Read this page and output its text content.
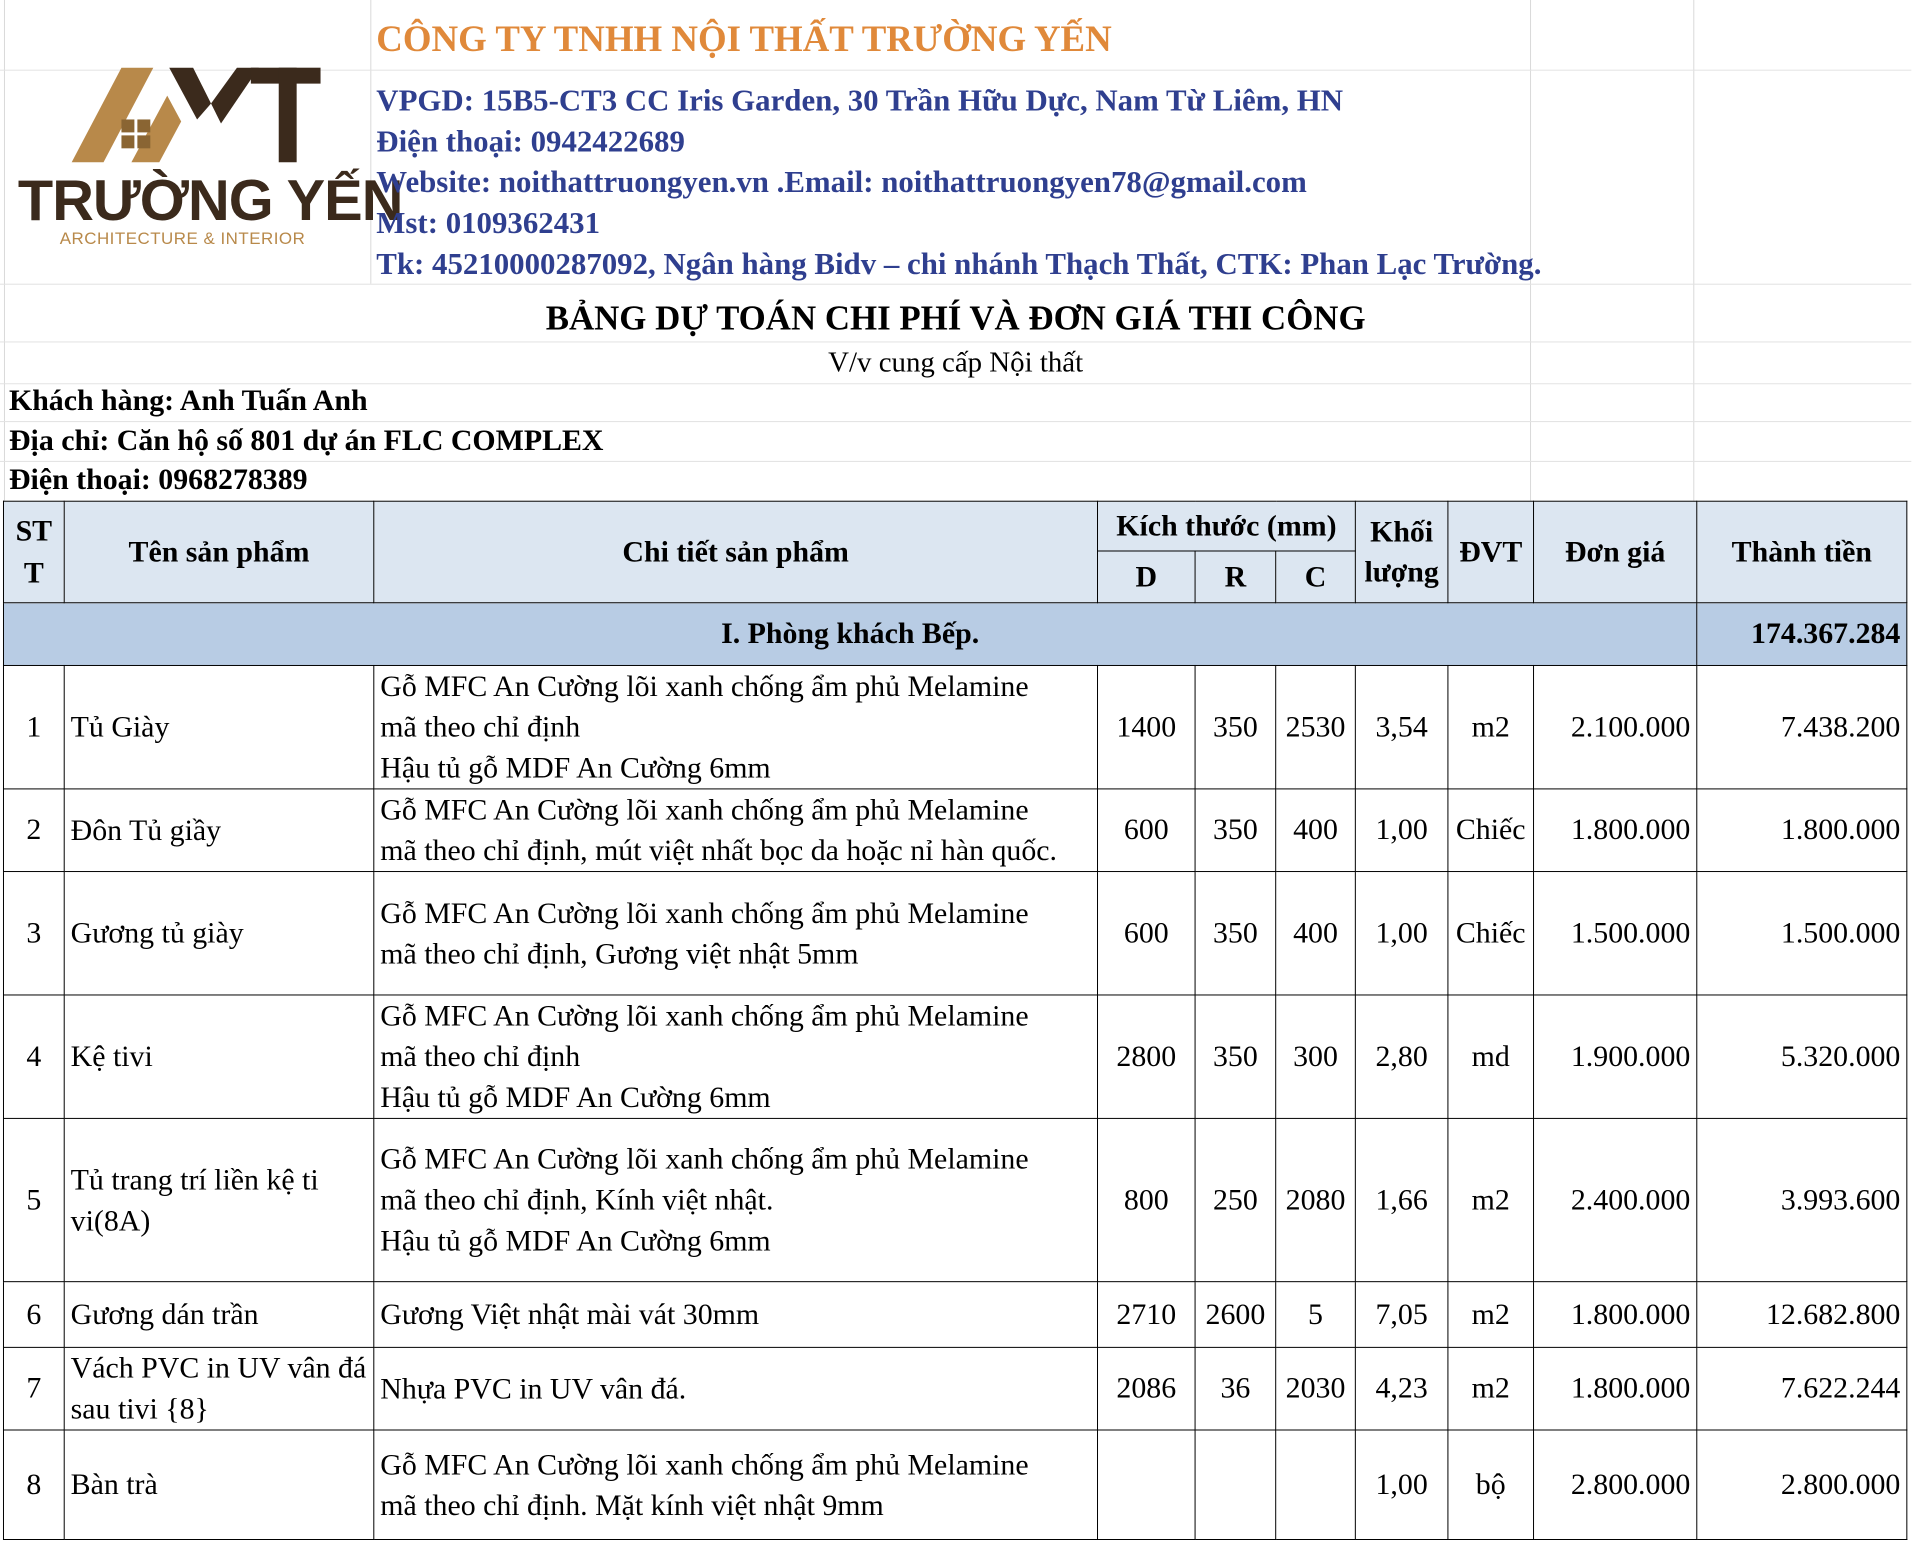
TRƯỜNG YẾN
ARCHITECTURE & INTERIOR
CÔNG TY TNHH NỘI THẤT TRƯỜNG YẾN
VPGD: 15B5-CT3 CC Iris Garden, 30 Trần Hữu Dực, Nam Từ Liêm, HN
Điện thoại: 0942422689
Website: noithattruongyen.vn .Email: noithattruongyen78@gmail.com
Mst: 0109362431
Tk: 45210000287092, Ngân hàng Bidv – chi nhánh Thạch Thất, CTK: Phan Lạc Trường.
BẢNG DỰ TOÁN CHI PHÍ VÀ ĐƠN GIÁ THI CÔNG
V/v cung cấp Nội thất
Khách hàng: Anh Tuấn Anh
Địa chỉ: Căn hộ số 801 dự án FLC COMPLEX
Điện thoại: 0968278389
ST
T	Tên sản phẩm	Chi tiết sản phẩm	Kích thước (mm)			Khối lượng	ĐVT	Đơn giá	Thành tiền
			D	R	C				
I. Phòng khách Bếp.									174.367.284
1	Tủ Giày	Gỗ MFC An Cường lõi xanh chống ẩm phủ Melamine
mã theo chỉ định
Hậu tủ gỗ MDF An Cường 6mm	1400	350	2530	3,54	m2	2.100.000	7.438.200
2	Đôn Tủ giầy	Gỗ MFC An Cường lõi xanh chống ẩm phủ Melamine
mã theo chỉ định, mút việt nhất bọc da hoặc nỉ hàn quốc.	600	350	400	1,00	Chiếc	1.800.000	1.800.000
3	Gương tủ giày	Gỗ MFC An Cường lõi xanh chống ẩm phủ Melamine
mã theo chỉ định, Gương việt nhật 5mm	600	350	400	1,00	Chiếc	1.500.000	1.500.000
4	Kệ tivi	Gỗ MFC An Cường lõi xanh chống ẩm phủ Melamine
mã theo chỉ định
Hậu tủ gỗ MDF An Cường 6mm	2800	350	300	2,80	md	1.900.000	5.320.000
5	Tủ trang trí liền kệ ti vi(8A)	Gỗ MFC An Cường lõi xanh chống ẩm phủ Melamine
mã theo chỉ định, Kính việt nhật.
Hậu tủ gỗ MDF An Cường 6mm	800	250	2080	1,66	m2	2.400.000	3.993.600
6	Gương dán trần	Gương Việt nhật mài vát 30mm	2710	2600	5	7,05	m2	1.800.000	12.682.800
7	Vách PVC in UV vân đá sau tivi {8}	Nhựa PVC in UV vân đá.	2086	36	2030	4,23	m2	1.800.000	7.622.244
8	Bàn trà	Gỗ MFC An Cường lõi xanh chống ẩm phủ Melamine
mã theo chỉ định. Mặt kính việt nhật 9mm				1,00	bộ	2.800.000	2.800.000
